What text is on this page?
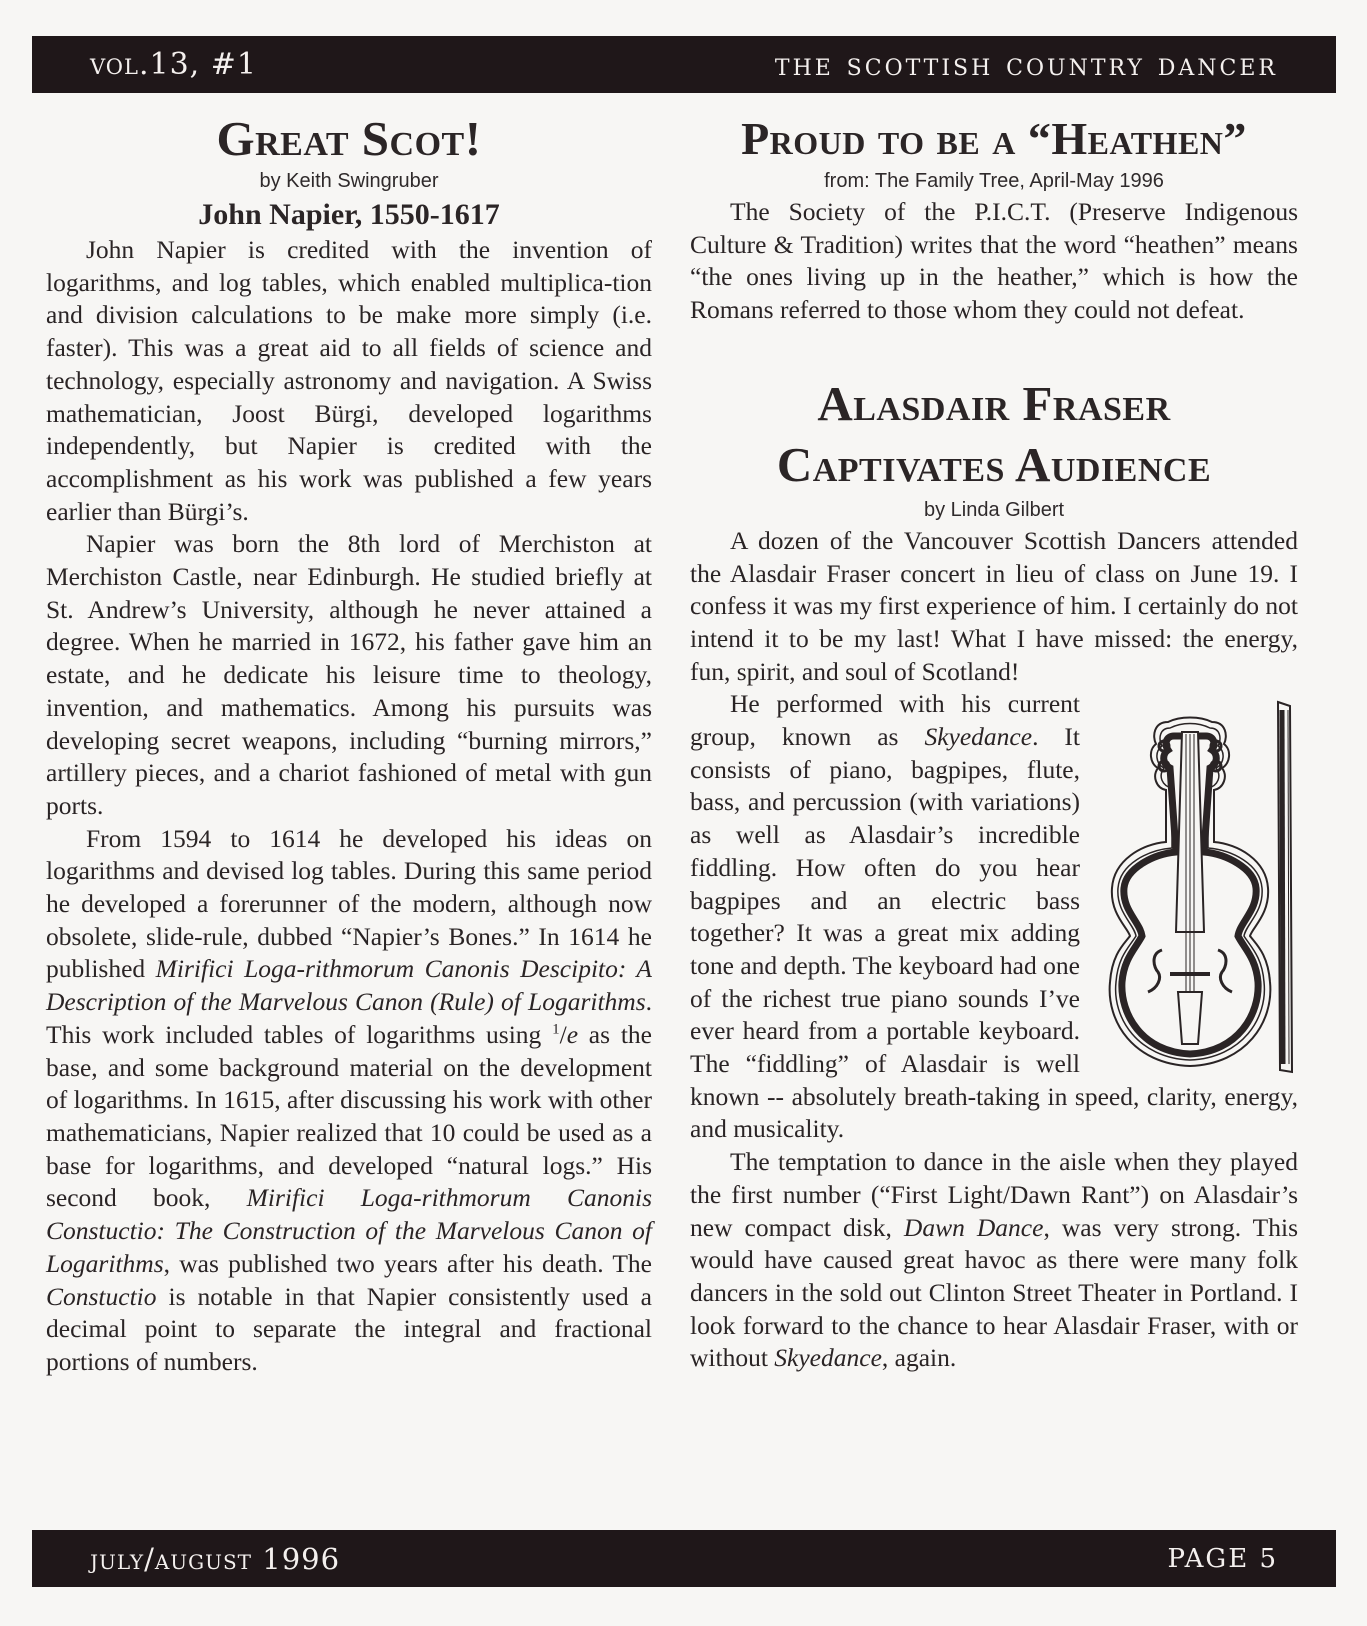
vol.13, #1	the scottish country dancer
Great Scot!
by Keith Swingruber
John Napier, 1550-1617

John Napier is credited with the invention of logarithms, and log tables, which enabled multiplica-tion and division calculations to be make more simply (i.e. faster). This was a great aid to all fields of science and technology, especially astronomy and navigation. A Swiss mathematician, Joost Bürgi, developed logarithms independently, but Napier is credited with the accomplishment as his work was published a few years earlier than Bürgi’s.

Napier was born the 8th lord of Merchiston at Merchiston Castle, near Edinburgh. He studied briefly at St. Andrew’s University, although he never attained a degree. When he married in 1672, his father gave him an estate, and he dedicate his leisure time to theology, invention, and mathematics. Among his pursuits was developing secret weapons, including “burning mirrors,” artillery pieces, and a chariot fashioned of metal with gun ports.

From 1594 to 1614 he developed his ideas on logarithms and devised log tables. During this same period he developed a forerunner of the modern, although now obsolete, slide-rule, dubbed “Napier’s Bones.” In 1614 he published Mirifici Loga-rithmorum Canonis Descipito: A Description of the Marvelous Canon (Rule) of Logarithms. This work included tables of logarithms using $^1$/e as the base, and some background material on the development of logarithms. In 1615, after discussing his work with other mathematicians, Napier realized that 10 could be used as a base for logarithms, and developed “natural logs.” His second book, Mirifici Loga-rithmorum Canonis Constuctio: The Construction of the Marvelous Canon of Logarithms, was published two years after his death. The Constuctio is notable in that Napier consistently used a decimal point to separate the integral and fractional portions of numbers.

Proud to be a “Heathen”
from: The Family Tree, April-May 1996

The Society of the P.I.C.T. (Preserve Indigenous Culture & Tradition) writes that the word “heathen” means “the ones living up in the heather,” which is how the Romans referred to those whom they could not defeat.

Alasdair Fraser
Captivates Audience
by Linda Gilbert

A dozen of the Vancouver Scottish Dancers attended the Alasdair Fraser concert in lieu of class on June 19. I confess it was my first experience of him. I certainly do not intend it to be my last! What I have missed: the energy, fun, spirit, and soul of Scotland!

He performed with his current group, known as Skyedance. It consists of piano, bagpipes, flute, bass, and percussion (with variations) as well as Alasdair’s incredible fiddling. How often do you hear bagpipes and an electric bass together? It was a great mix adding tone and depth. The keyboard had one of the richest true piano sounds I’ve ever heard from a portable keyboard. The “fiddling” of Alasdair is well known -- absolutely breath-taking in speed, clarity, energy, and musicality.

The temptation to dance in the aisle when they played the first number (“First Light/Dawn Rant”) on Alasdair’s new compact disk, Dawn Dance, was very strong. This would have caused great havoc as there were many folk dancers in the sold out Clinton Street Theater in Portland. I look forward to the chance to hear Alasdair Fraser, with or without Skyedance, again.

july/august 1996	PAGE 5
